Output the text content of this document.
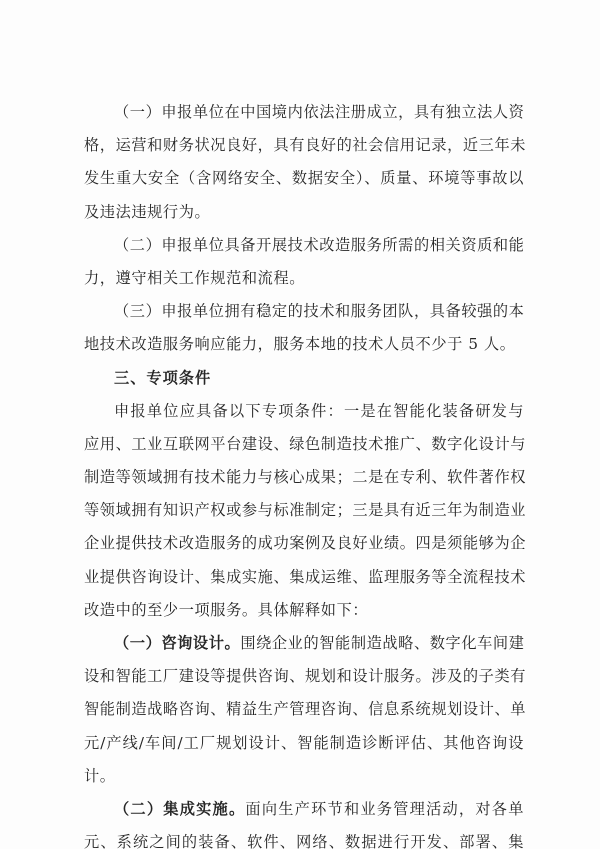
（一）申报单位在中国境内依法注册成立，具有独立法人资
格，运营和财务状况良好，具有良好的社会信用记录，近三年未
发生重大安全（含网络安全、数据安全）、质量、环境等事故以
及违法违规行为。
（二）申报单位具备开展技术改造服务所需的相关资质和能
力，遵守相关工作规范和流程。
（三）申报单位拥有稳定的技术和服务团队，具备较强的本
地技术改造服务响应能力，服务本地的技术人员不少于 5 人。
三、专项条件
申报单位应具备以下专项条件：一是在智能化装备研发与
应用、工业互联网平台建设、绿色制造技术推广、数字化设计与
制造等领域拥有技术能力与核心成果；二是在专利、软件著作权
等领域拥有知识产权或参与标准制定；三是具有近三年为制造业
企业提供技术改造服务的成功案例及良好业绩。四是须能够为企
业提供咨询设计、集成实施、集成运维、监理服务等全流程技术
改造中的至少一项服务。具体解释如下：
（一）咨询设计。围绕企业的智能制造战略、数字化车间建
设和智能工厂建设等提供咨询、规划和设计服务。涉及的子类有
智能制造战略咨询、精益生产管理咨询、信息系统规划设计、单
元/产线/车间/工厂规划设计、智能制造诊断评估、其他咨询设
计。
（二）集成实施。面向生产环节和业务管理活动，对各单
元、系统之间的装备、软件、网络、数据进行开发、部署、集
